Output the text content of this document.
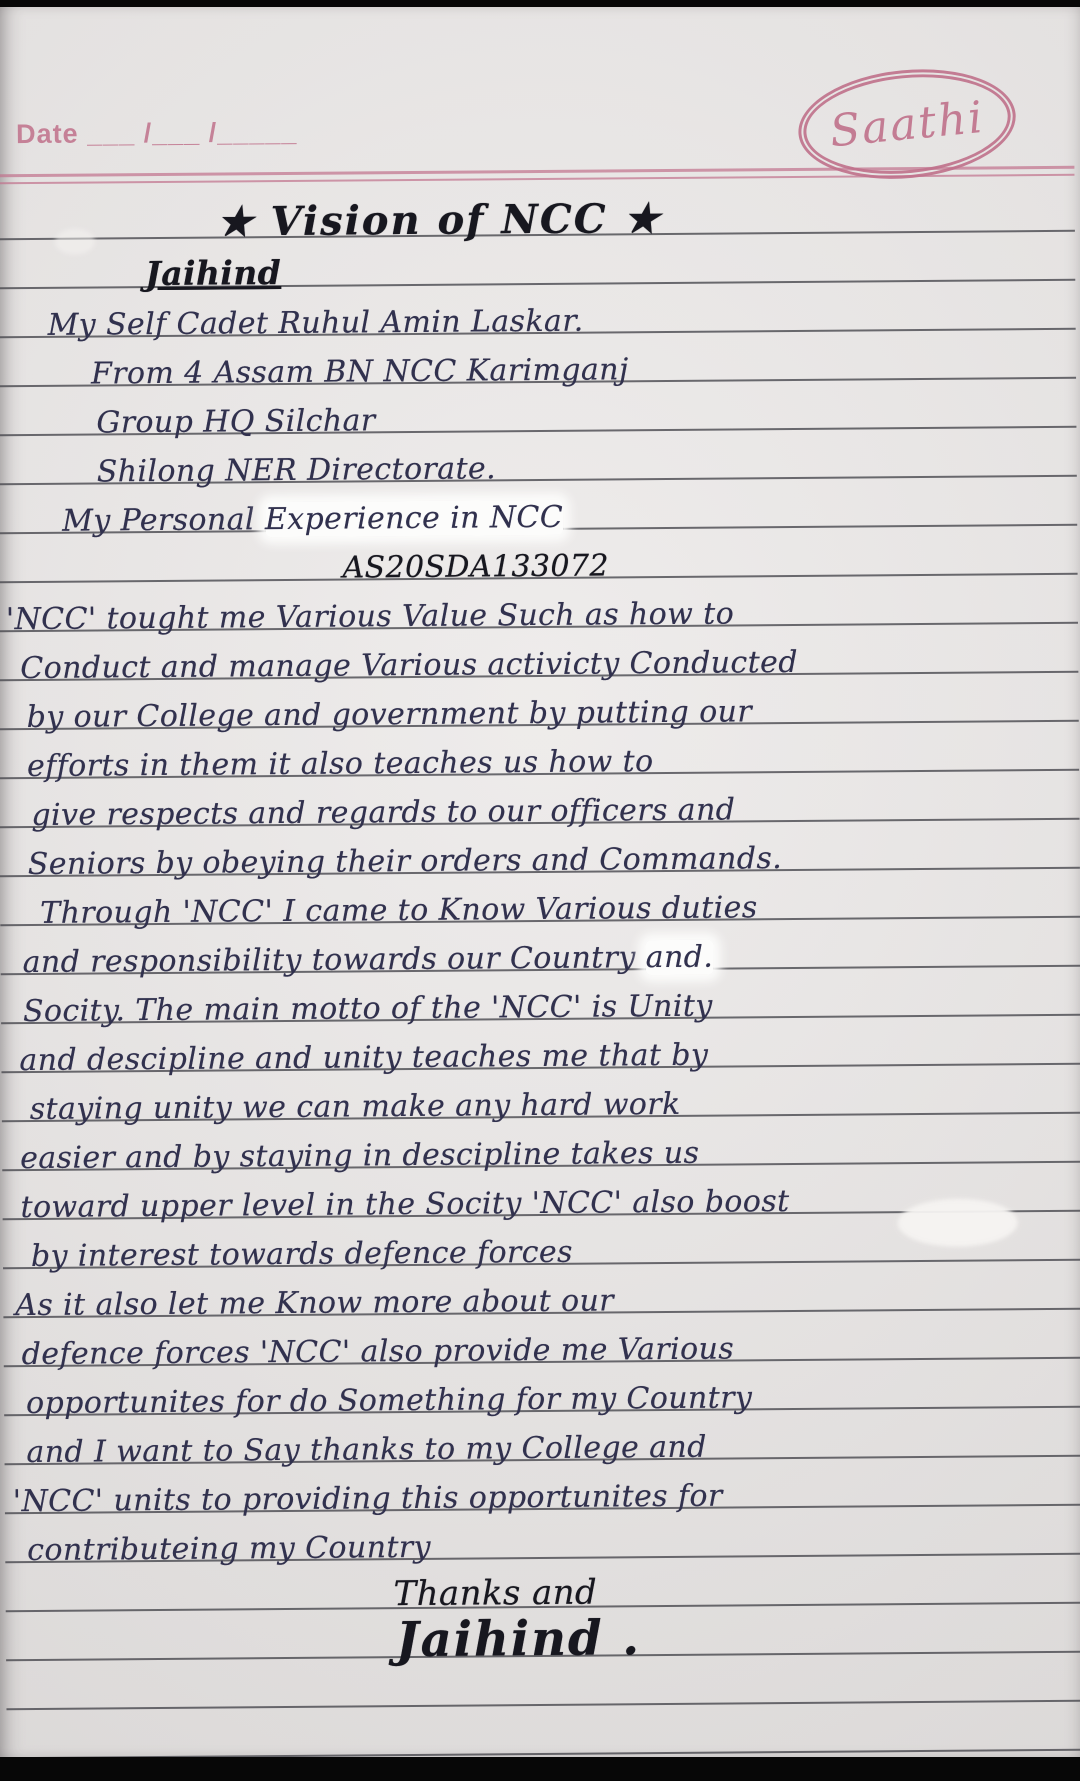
Date ___ /___ /_____	Saathi
★ Vision of NCC ★
Jaihind
My Self Cadet Ruhul Amin Laskar.
From 4 Assam BN NCC Karimganj
Group HQ Silchar
Shilong NER Directorate.
My Personal Experience in NCC
AS20SDA133072
'NCC' tought me Various Value Such as how to
Conduct and manage Various activicty Conducted
by our College and government by putting our
efforts in them it also teaches us how to
give respects and regards to our officers and
Seniors by obeying their orders and Commands.
Through 'NCC' I came to Know Various duties
and responsibility towards our Country and.
Socity. The main motto of the 'NCC' is Unity
and descipline and unity teaches me that by
staying unity we can make any hard work
easier and by staying in descipline takes us
toward upper level in the Socity 'NCC' also boost
by interest towards defence forces
As it also let me Know more about our
defence forces 'NCC' also provide me Various
opportunites for do Something for my Country
and I want to Say thanks to my College and
'NCC' units to providing this opportunites for
contributeing my Country
Thanks and
Jaihind .
